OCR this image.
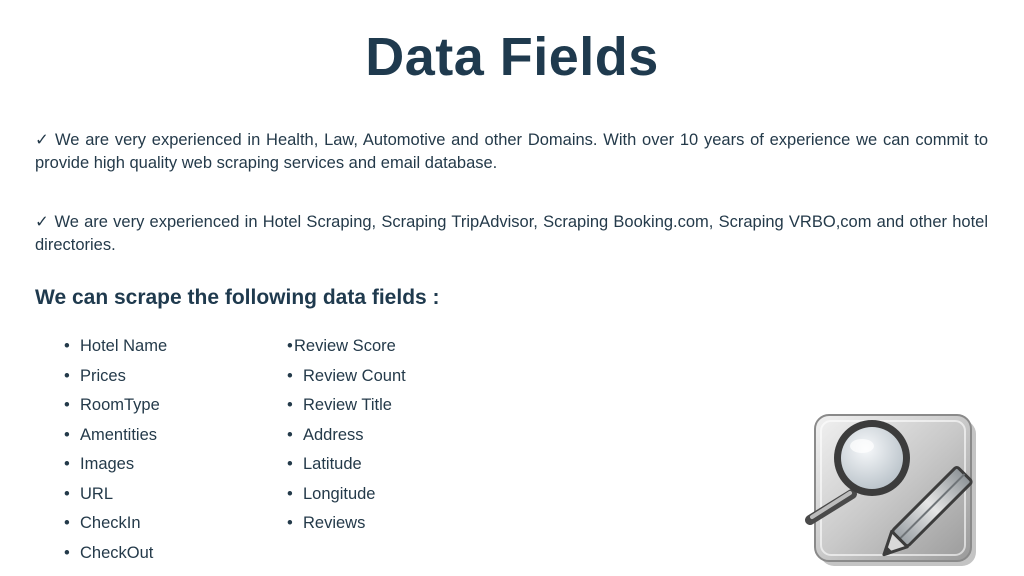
Data Fields
✓ We are very experienced in Health, Law, Automotive and other Domains. With over 10 years of experience we can commit to provide high quality web scraping services and email database.
✓ We are very experienced in Hotel Scraping, Scraping TripAdvisor, Scraping Booking.com, Scraping VRBO,com and other hotel directories.
We can scrape the following data fields :
• Hotel Name
• Prices
• RoomType
• Amentities
• Images
• URL
• CheckIn
• CheckOut
•Review Score
• Review Count
• Review Title
• Address
• Latitude
• Longitude
• Reviews
